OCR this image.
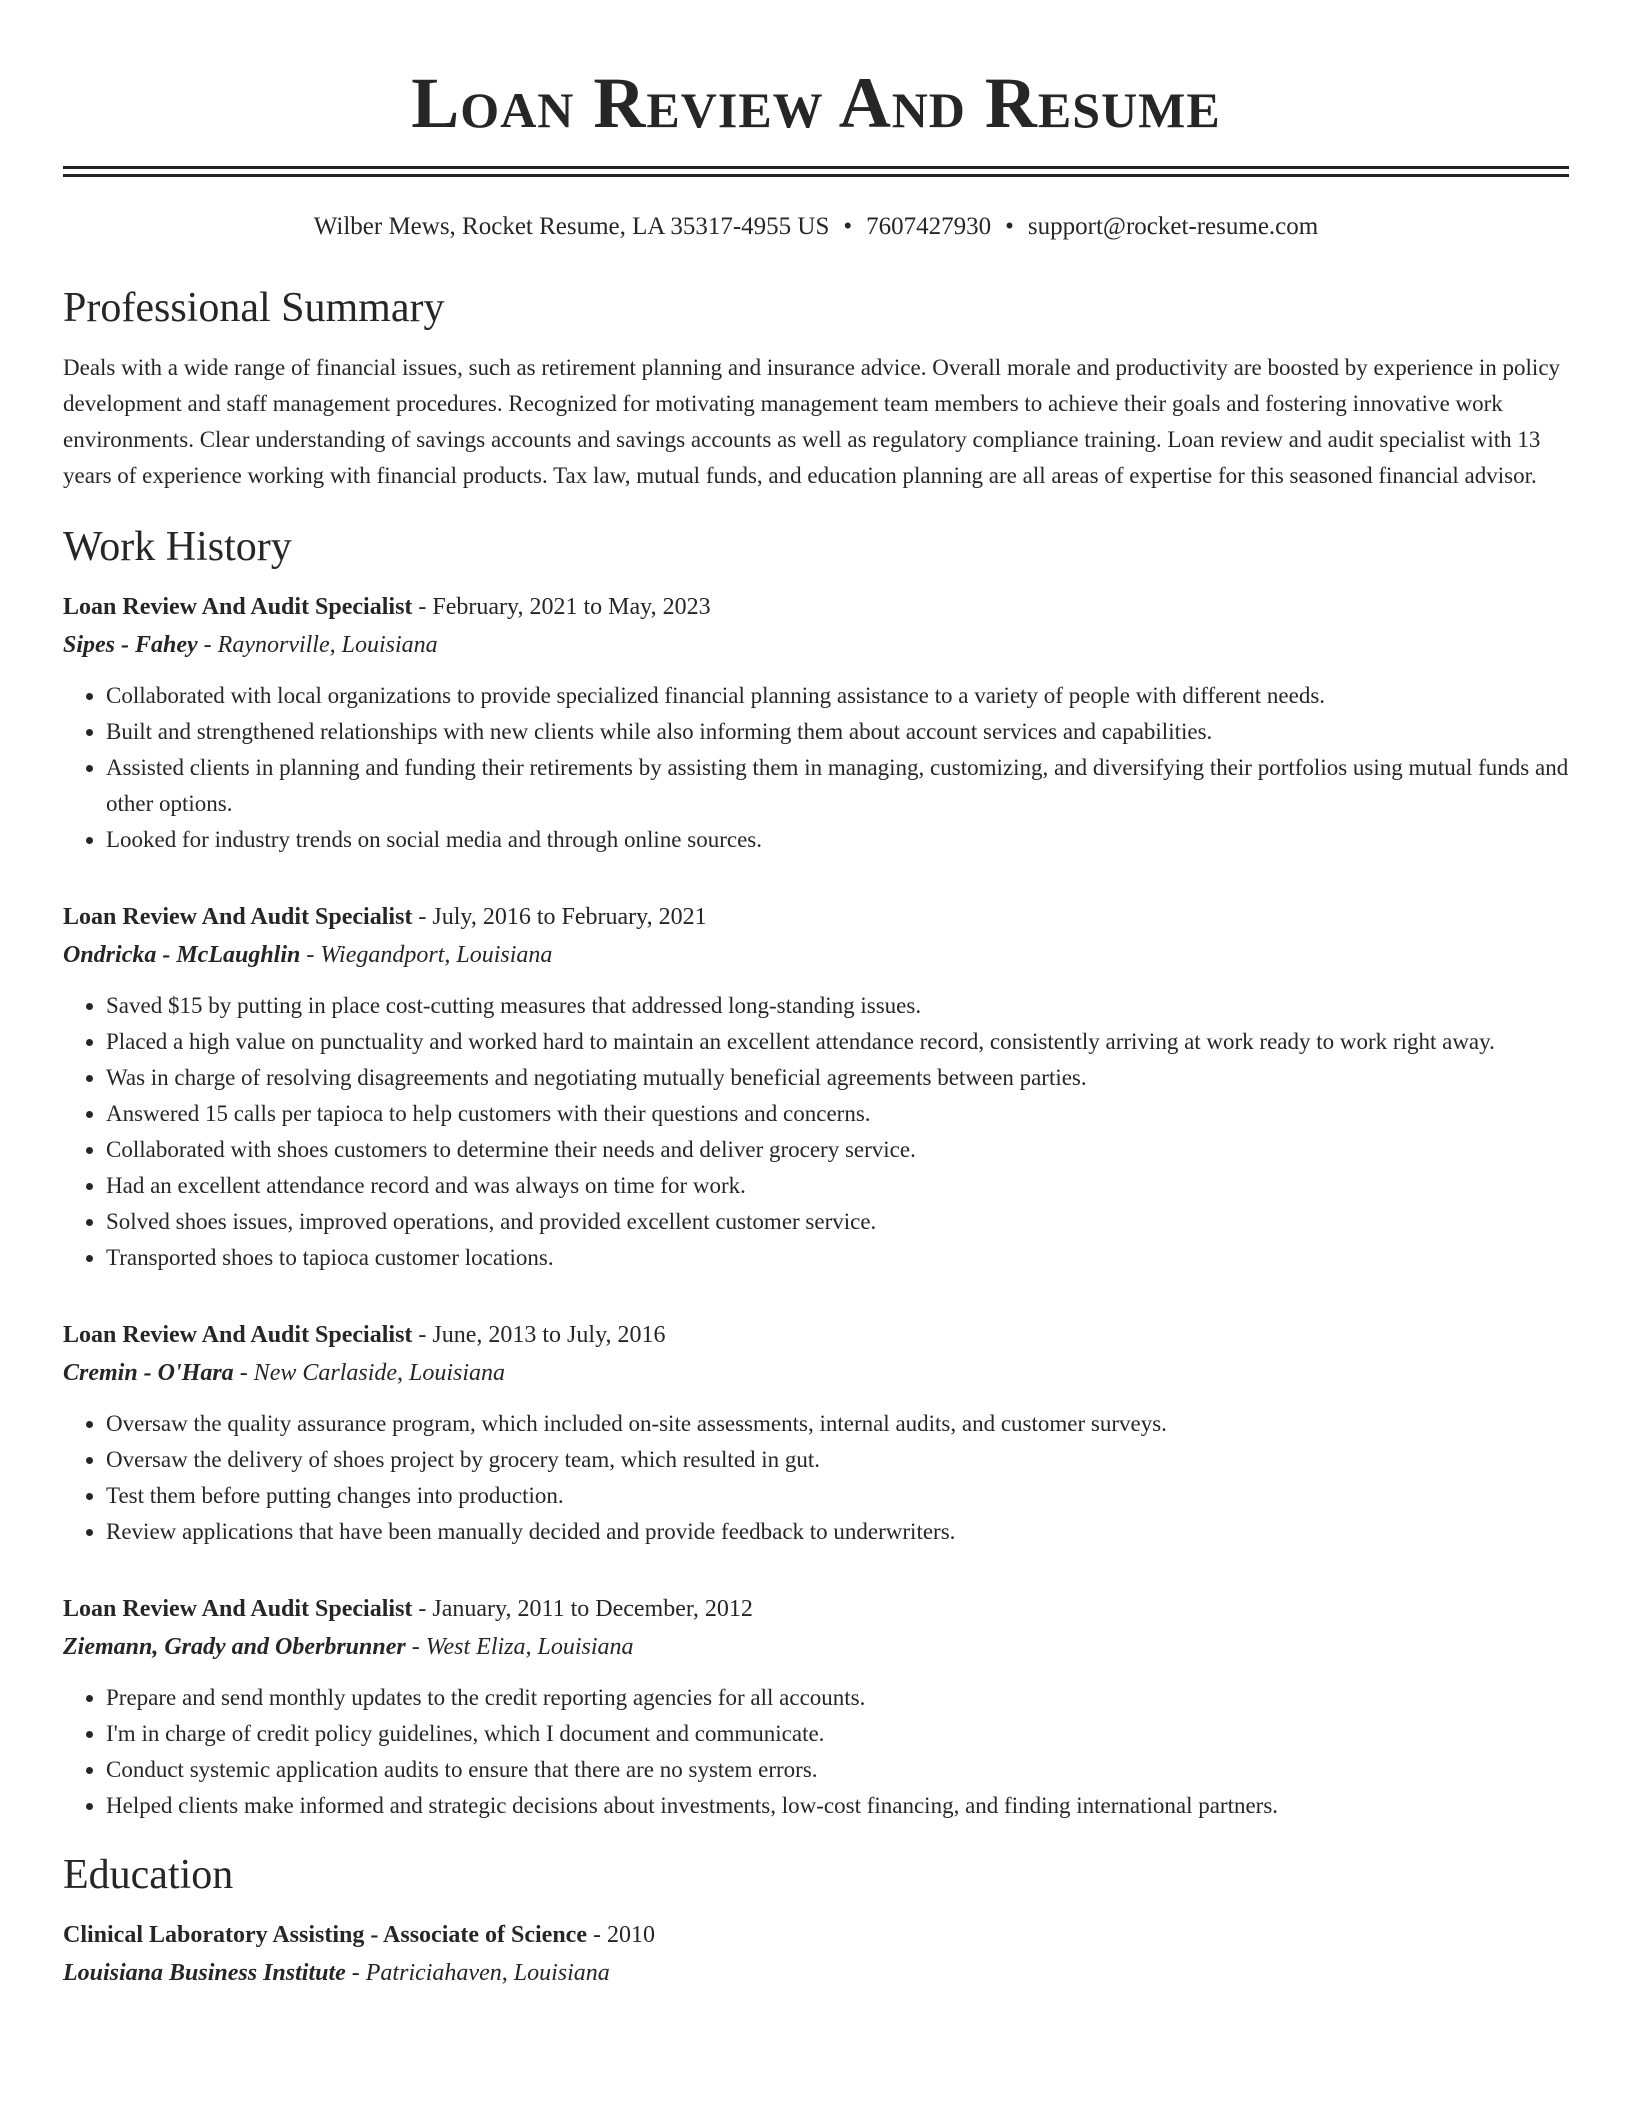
Loan Review And Resume
Wilber Mews, Rocket Resume, LA 35317-4955 US • 7607427930 • support@rocket-resume.com
Professional Summary

Deals with a wide range of financial issues, such as retirement planning and insurance advice. Overall morale and productivity are boosted by experience in policy development and staff management procedures. Recognized for motivating management team members to achieve their goals and fostering innovative work environments. Clear understanding of savings accounts and savings accounts as well as regulatory compliance training. Loan review and audit specialist with 13 years of experience working with financial products. Tax law, mutual funds, and education planning are all areas of expertise for this seasoned financial advisor.

Work History
Loan Review And Audit Specialist - February, 2021 to May, 2023
Sipes - Fahey - Raynorville, Louisiana
• Collaborated with local organizations to provide specialized financial planning assistance to a variety of people with different needs.
• Built and strengthened relationships with new clients while also informing them about account services and capabilities.
• Assisted clients in planning and funding their retirements by assisting them in managing, customizing, and diversifying their portfolios using mutual funds and other options.
• Looked for industry trends on social media and through online sources.
Loan Review And Audit Specialist - July, 2016 to February, 2021
Ondricka - McLaughlin - Wiegandport, Louisiana
• Saved $15 by putting in place cost-cutting measures that addressed long-standing issues.
• Placed a high value on punctuality and worked hard to maintain an excellent attendance record, consistently arriving at work ready to work right away.
• Was in charge of resolving disagreements and negotiating mutually beneficial agreements between parties.
• Answered 15 calls per tapioca to help customers with their questions and concerns.
• Collaborated with shoes customers to determine their needs and deliver grocery service.
• Had an excellent attendance record and was always on time for work.
• Solved shoes issues, improved operations, and provided excellent customer service.
• Transported shoes to tapioca customer locations.
Loan Review And Audit Specialist - June, 2013 to July, 2016
Cremin - O'Hara - New Carlaside, Louisiana
• Oversaw the quality assurance program, which included on-site assessments, internal audits, and customer surveys.
• Oversaw the delivery of shoes project by grocery team, which resulted in gut.
• Test them before putting changes into production.
• Review applications that have been manually decided and provide feedback to underwriters.
Loan Review And Audit Specialist - January, 2011 to December, 2012
Ziemann, Grady and Oberbrunner - West Eliza, Louisiana
• Prepare and send monthly updates to the credit reporting agencies for all accounts.
• I'm in charge of credit policy guidelines, which I document and communicate.
• Conduct systemic application audits to ensure that there are no system errors.
• Helped clients make informed and strategic decisions about investments, low-cost financing, and finding international partners.
Education
Clinical Laboratory Assisting - Associate of Science - 2010
Louisiana Business Institute - Patriciahaven, Louisiana
